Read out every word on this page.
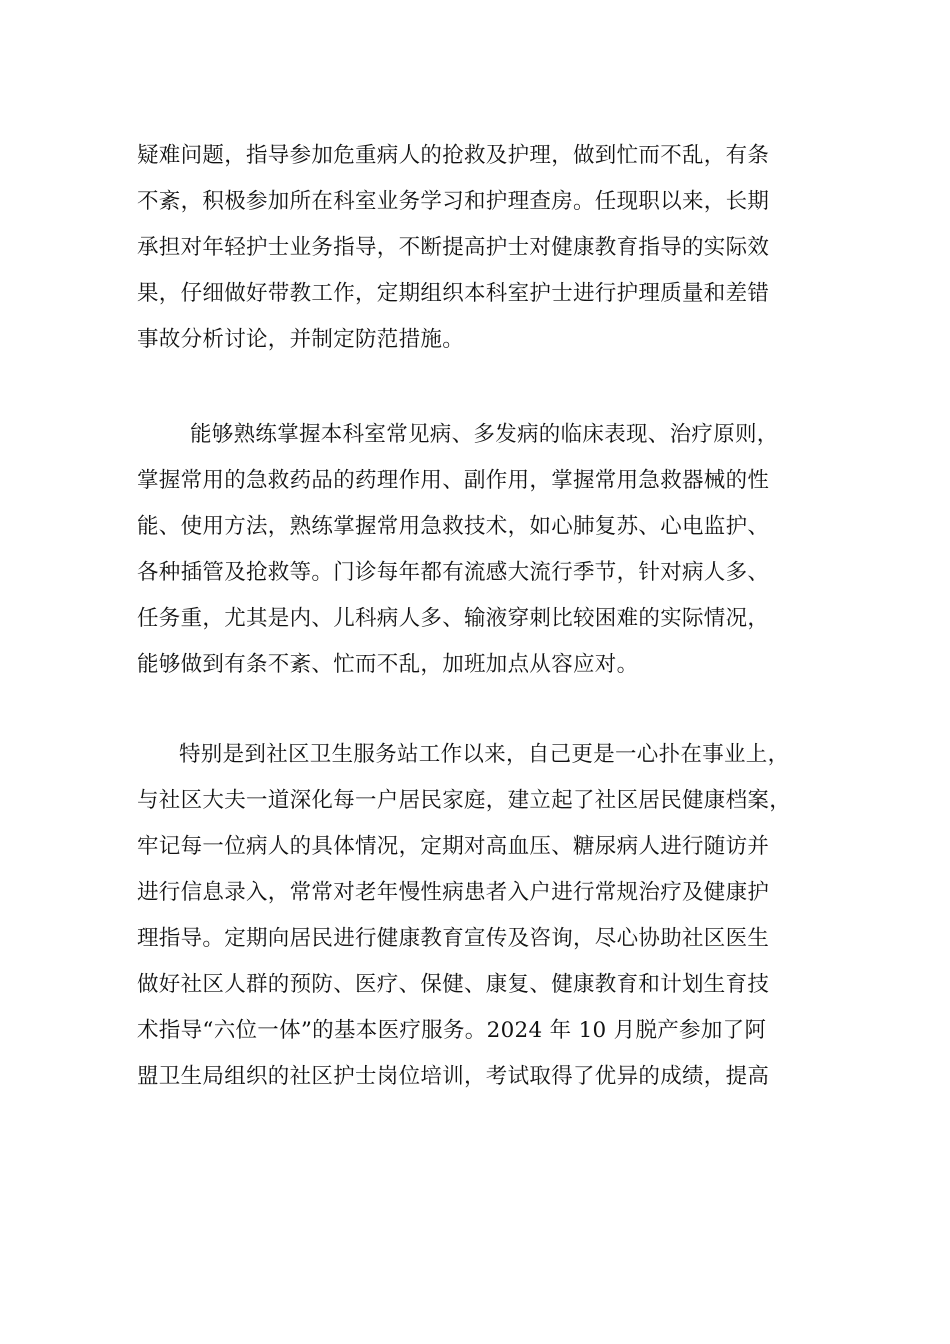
疑难问题，指导参加危重病人的抢救及护理，做到忙而不乱，有条
不紊，积极参加所在科室业务学习和护理查房。任现职以来，长期
承担对年轻护士业务指导，不断提高护士对健康教育指导的实际效
果，仔细做好带教工作，定期组织本科室护士进行护理质量和差错
事故分析讨论，并制定防范措施。
能够熟练掌握本科室常见病、多发病的临床表现、治疗原则，
掌握常用的急救药品的药理作用、副作用，掌握常用急救器械的性
能、使用方法，熟练掌握常用急救技术，如心肺复苏、心电监护、
各种插管及抢救等。门诊每年都有流感大流行季节，针对病人多、
任务重，尤其是内、儿科病人多、输液穿刺比较困难的实际情况，
能够做到有条不紊、忙而不乱，加班加点从容应对。
特别是到社区卫生服务站工作以来，自己更是一心扑在事业上，
与社区大夫一道深化每一户居民家庭，建立起了社区居民健康档案，
牢记每一位病人的具体情况，定期对高血压、糖尿病人进行随访并
进行信息录入，常常对老年慢性病患者入户进行常规治疗及健康护
理指导。定期向居民进行健康教育宣传及咨询，尽心协助社区医生
做好社区人群的预防、医疗、保健、康复、健康教育和计划生育技
术指导“六位一体”的基本医疗服务。2024 年 10 月脱产参加了阿
盟卫生局组织的社区护士岗位培训，考试取得了优异的成绩，提高
